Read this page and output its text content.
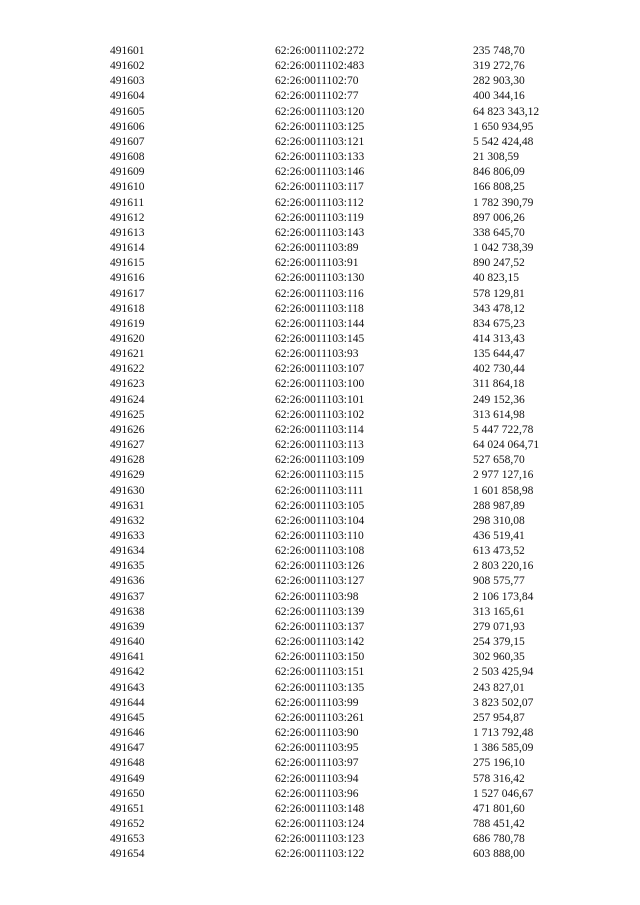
491601	62:26:0011102:272	235 748,70
491602	62:26:0011102:483	319 272,76
491603	62:26:0011102:70	282 903,30
491604	62:26:0011102:77	400 344,16
491605	62:26:0011103:120	64 823 343,12
491606	62:26:0011103:125	1 650 934,95
491607	62:26:0011103:121	5 542 424,48
491608	62:26:0011103:133	21 308,59
491609	62:26:0011103:146	846 806,09
491610	62:26:0011103:117	166 808,25
491611	62:26:0011103:112	1 782 390,79
491612	62:26:0011103:119	897 006,26
491613	62:26:0011103:143	338 645,70
491614	62:26:0011103:89	1 042 738,39
491615	62:26:0011103:91	890 247,52
491616	62:26:0011103:130	40 823,15
491617	62:26:0011103:116	578 129,81
491618	62:26:0011103:118	343 478,12
491619	62:26:0011103:144	834 675,23
491620	62:26:0011103:145	414 313,43
491621	62:26:0011103:93	135 644,47
491622	62:26:0011103:107	402 730,44
491623	62:26:0011103:100	311 864,18
491624	62:26:0011103:101	249 152,36
491625	62:26:0011103:102	313 614,98
491626	62:26:0011103:114	5 447 722,78
491627	62:26:0011103:113	64 024 064,71
491628	62:26:0011103:109	527 658,70
491629	62:26:0011103:115	2 977 127,16
491630	62:26:0011103:111	1 601 858,98
491631	62:26:0011103:105	288 987,89
491632	62:26:0011103:104	298 310,08
491633	62:26:0011103:110	436 519,41
491634	62:26:0011103:108	613 473,52
491635	62:26:0011103:126	2 803 220,16
491636	62:26:0011103:127	908 575,77
491637	62:26:0011103:98	2 106 173,84
491638	62:26:0011103:139	313 165,61
491639	62:26:0011103:137	279 071,93
491640	62:26:0011103:142	254 379,15
491641	62:26:0011103:150	302 960,35
491642	62:26:0011103:151	2 503 425,94
491643	62:26:0011103:135	243 827,01
491644	62:26:0011103:99	3 823 502,07
491645	62:26:0011103:261	257 954,87
491646	62:26:0011103:90	1 713 792,48
491647	62:26:0011103:95	1 386 585,09
491648	62:26:0011103:97	275 196,10
491649	62:26:0011103:94	578 316,42
491650	62:26:0011103:96	1 527 046,67
491651	62:26:0011103:148	471 801,60
491652	62:26:0011103:124	788 451,42
491653	62:26:0011103:123	686 780,78
491654	62:26:0011103:122	603 888,00
